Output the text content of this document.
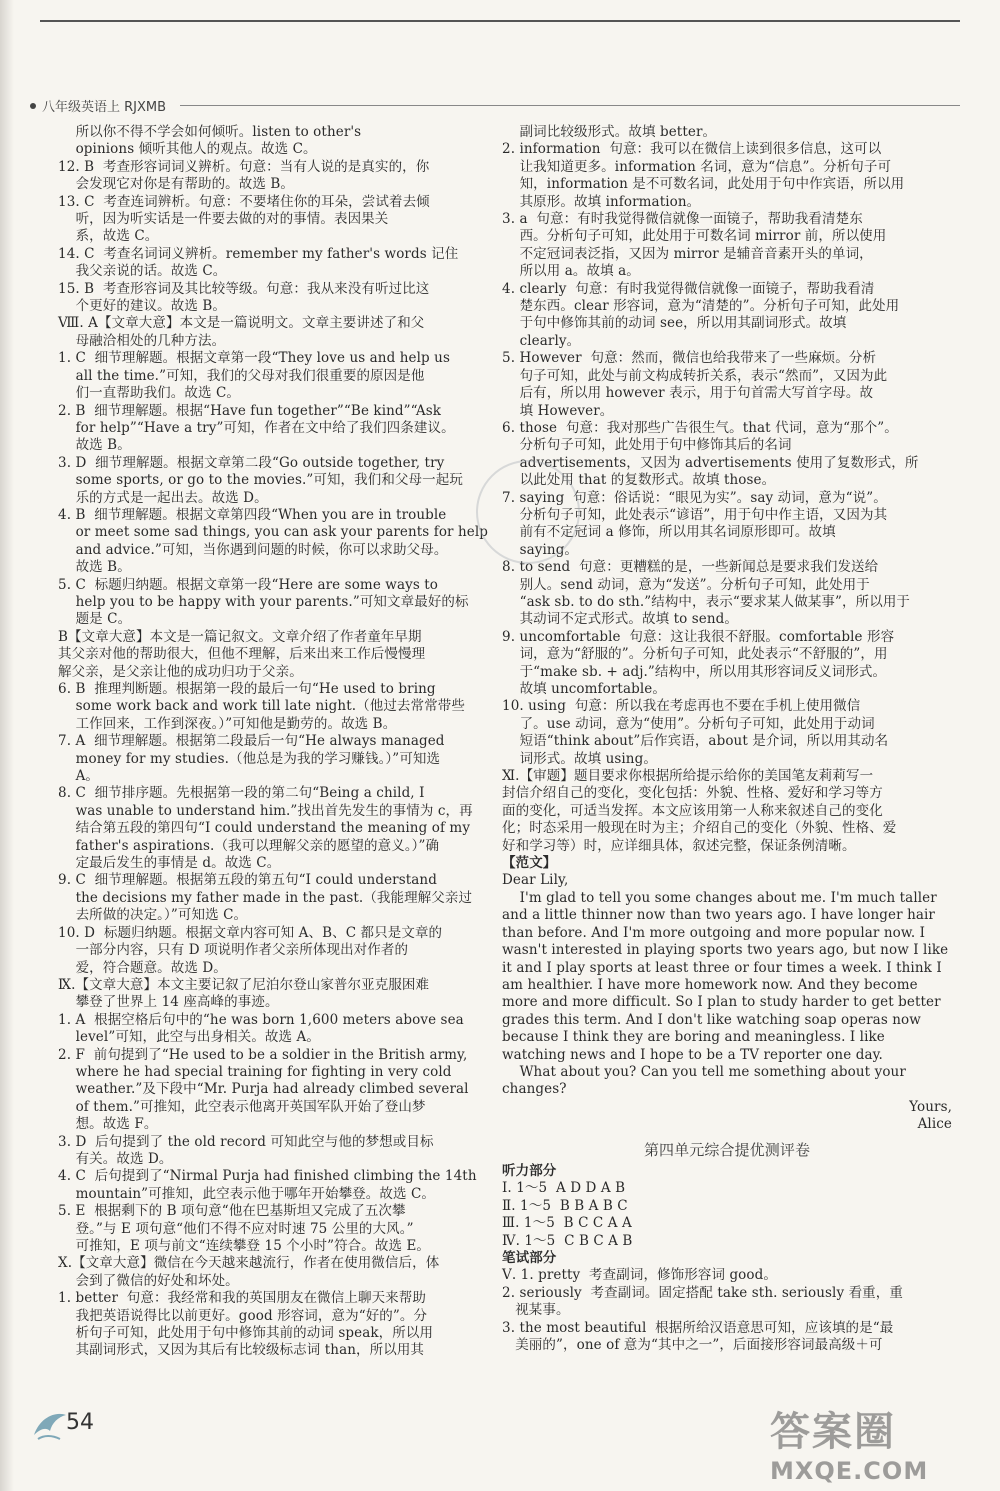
八年级英语上 RJXMB

所以你不得不学会如何倾听。listen to other's

opinions 倾听其他人的观点。故选 C。

12. B  考查形容词词义辨析。句意：当有人说的是真实的，你

会发现它对你是有帮助的。故选 B。

13. C  考查连词辨析。句意：不要堵住你的耳朵，尝试着去倾

听，因为听实话是一件要去做的对的事情。表因果关

系，故选 C。

14. C  考查名词词义辨析。remember my father's words 记住

我父亲说的话。故选 C。

15. B  考查形容词及其比较等级。句意：我从来没有听过比这

个更好的建议。故选 B。

Ⅷ. A【文章大意】本文是一篇说明文。文章主要讲述了和父

母融洽相处的几种方法。

1. C  细节理解题。根据文章第一段“They love us and help us

all the time.”可知，我们的父母对我们很重要的原因是他

们一直帮助我们。故选 C。

2. B  细节理解题。根据“Have fun together”“Be kind”“Ask

for help”“Have a try”可知，作者在文中给了我们四条建议。

故选 B。

3. D  细节理解题。根据文章第二段“Go outside together, try

some sports, or go to the movies.”可知，我们和父母一起玩

乐的方式是一起出去。故选 D。

4. B  细节理解题。根据文章第四段“When you are in trouble

or meet some sad things, you can ask your parents for help

and advice.”可知，当你遇到问题的时候，你可以求助父母。

故选 B。

5. C  标题归纳题。根据文章第一段“Here are some ways to

help you to be happy with your parents.”可知文章最好的标

题是 C。

B【文章大意】本文是一篇记叙文。文章介绍了作者童年早期

其父亲对他的帮助很大，但他不理解，后来出来工作后慢慢理

解父亲，是父亲让他的成功归功于父亲。

6. B  推理判断题。根据第一段的最后一句“He used to bring

some work back and work till late night.（他过去常常带些

工作回来，工作到深夜。）”可知他是勤劳的。故选 B。

7. A  细节理解题。根据第二段最后一句“He always managed

money for my studies.（他总是为我的学习赚钱。）”可知选

A。

8. C  细节排序题。先根据第一段的第二句“Being a child, I

was unable to understand him.”找出首先发生的事情为 c，再

结合第五段的第四句“I could understand the meaning of my

father's aspirations.（我可以理解父亲的愿望的意义。）”确

定最后发生的事情是 d。故选 C。

9. C  细节理解题。根据第五段的第五句“I could understand

the decisions my father made in the past.（我能理解父亲过

去所做的决定。）”可知选 C。

10. D  标题归纳题。根据文章内容可知 A、B、C 都只是文章的

一部分内容，只有 D 项说明作者父亲所体现出对作者的

爱，符合题意。故选 D。

Ⅸ.【文章大意】本文主要记叙了尼泊尔登山家普尔亚克服困难

攀登了世界上 14 座高峰的事迹。

1. A  根据空格后句中的“he was born 1,600 meters above sea

level”可知，此空与出身相关。故选 A。

2. F  前句提到了“He used to be a soldier in the British army,

where he had special training for fighting in very cold

weather.”及下段中“Mr. Purja had already climbed several

of them.”可推知，此空表示他离开英国军队开始了登山梦

想。故选 F。

3. D  后句提到了 the old record 可知此空与他的梦想或目标

有关。故选 D。

4. C  后句提到了“Nirmal Purja had finished climbing the 14th

mountain”可推知，此空表示他于哪年开始攀登。故选 C。

5. E  根据剩下的 B 项句意“他在巴基斯坦又完成了五次攀

登。”与 E 项句意“他们不得不应对时速 75 公里的大风。”

可推知，E 项与前文“连续攀登 15 个小时”符合。故选 E。

Ⅹ.【文章大意】微信在今天越来越流行，作者在使用微信后，体

会到了微信的好处和坏处。

1. better  句意：我经常和我的英国朋友在微信上聊天来帮助

我把英语说得比以前更好。good 形容词，意为“好的”。分

析句子可知，此处用于句中修饰其前的动词 speak，所以用

其副词形式，又因为其后有比较级标志词 than，所以用其

副词比较级形式。故填 better。

2. information  句意：我可以在微信上读到很多信息，这可以

让我知道更多。information 名词，意为“信息”。分析句子可

知，information 是不可数名词，此处用于句中作宾语，所以用

其原形。故填 information。

3. a  句意：有时我觉得微信就像一面镜子，帮助我看清楚东

西。分析句子可知，此处用于可数名词 mirror 前，所以使用

不定冠词表泛指，又因为 mirror 是辅音音素开头的单词，

所以用 a。故填 a。

4. clearly  句意：有时我觉得微信就像一面镜子，帮助我看清

楚东西。clear 形容词，意为“清楚的”。分析句子可知，此处用

于句中修饰其前的动词 see，所以用其副词形式。故填

clearly。

5. However  句意：然而，微信也给我带来了一些麻烦。分析

句子可知，此处与前文构成转折关系，表示“然而”，又因为此

后有，所以用 however 表示，用于句首需大写首字母。故

填 However。

6. those  句意：我对那些广告很生气。that 代词，意为“那个”。

分析句子可知，此处用于句中修饰其后的名词

advertisements，又因为 advertisements 使用了复数形式，所

以此处用 that 的复数形式。故填 those。

7. saying  句意：俗话说：“眼见为实”。say 动词，意为“说”。

分析句子可知，此处表示“谚语”，用于句中作主语，又因为其

前有不定冠词 a 修饰，所以用其名词原形即可。故填

saying。

8. to send  句意：更糟糕的是，一些新闻总是要求我们发送给

别人。send 动词，意为“发送”。分析句子可知，此处用于

“ask sb. to do sth.”结构中，表示“要求某人做某事”，所以用于

其动词不定式形式。故填 to send。

9. uncomfortable  句意：这让我很不舒服。comfortable 形容

词，意为“舒服的”。分析句子可知，此处表示“不舒服的”，用

于“make sb. + adj.”结构中，所以用其形容词反义词形式。

故填 uncomfortable。

10. using  句意：所以我在考虑再也不要在手机上使用微信

了。use 动词，意为“使用”。分析句子可知，此处用于动词

短语“think about”后作宾语，about 是介词，所以用其动名

词形式。故填 using。

Ⅺ.【审题】题目要求你根据所给提示给你的美国笔友莉莉写一

封信介绍自己的变化，变化包括：外貌、性格、爱好和学习等方

面的变化，可适当发挥。本文应该用第一人称来叙述自己的变化

化；时态采用一般现在时为主；介绍自己的变化（外貌、性格、爱

好和学习等）时，应详细具体，叙述完整，保证条例清晰。

【范文】

Dear Lily,

I'm glad to tell you some changes about me. I'm much taller and a little thinner now than two years ago. I have longer hair than before. And I'm more outgoing and more popular now. I wasn't interested in playing sports two years ago, but now I like it and I play sports at least three or four times a week. I think I am healthier. I have more homework now. And they become more and more difficult. So I plan to study harder to get better grades this term. And I don't like watching soap operas now because I think they are boring and meaningless. I like watching news and I hope to be a TV reporter one day.

What about you? Can you tell me something about your changes?

Yours,

Alice

第四单元综合提优测评卷

听力部分

Ⅰ. 1～5  A D D A B

Ⅱ. 1～5  B B A B C

Ⅲ. 1～5  B C C A A

Ⅳ. 1～5  C B C A B

笔试部分

Ⅴ. 1. pretty  考查副词，修饰形容词 good。

2. seriously  考查副词。固定搭配 take sth. seriously 看重，重

视某事。

3. the most beautiful  根据所给汉语意思可知，应该填的是“最

美丽的”，one of 意为“其中之一”，后面接形容词最高级＋可

54	答案圈
MXQE.COM
